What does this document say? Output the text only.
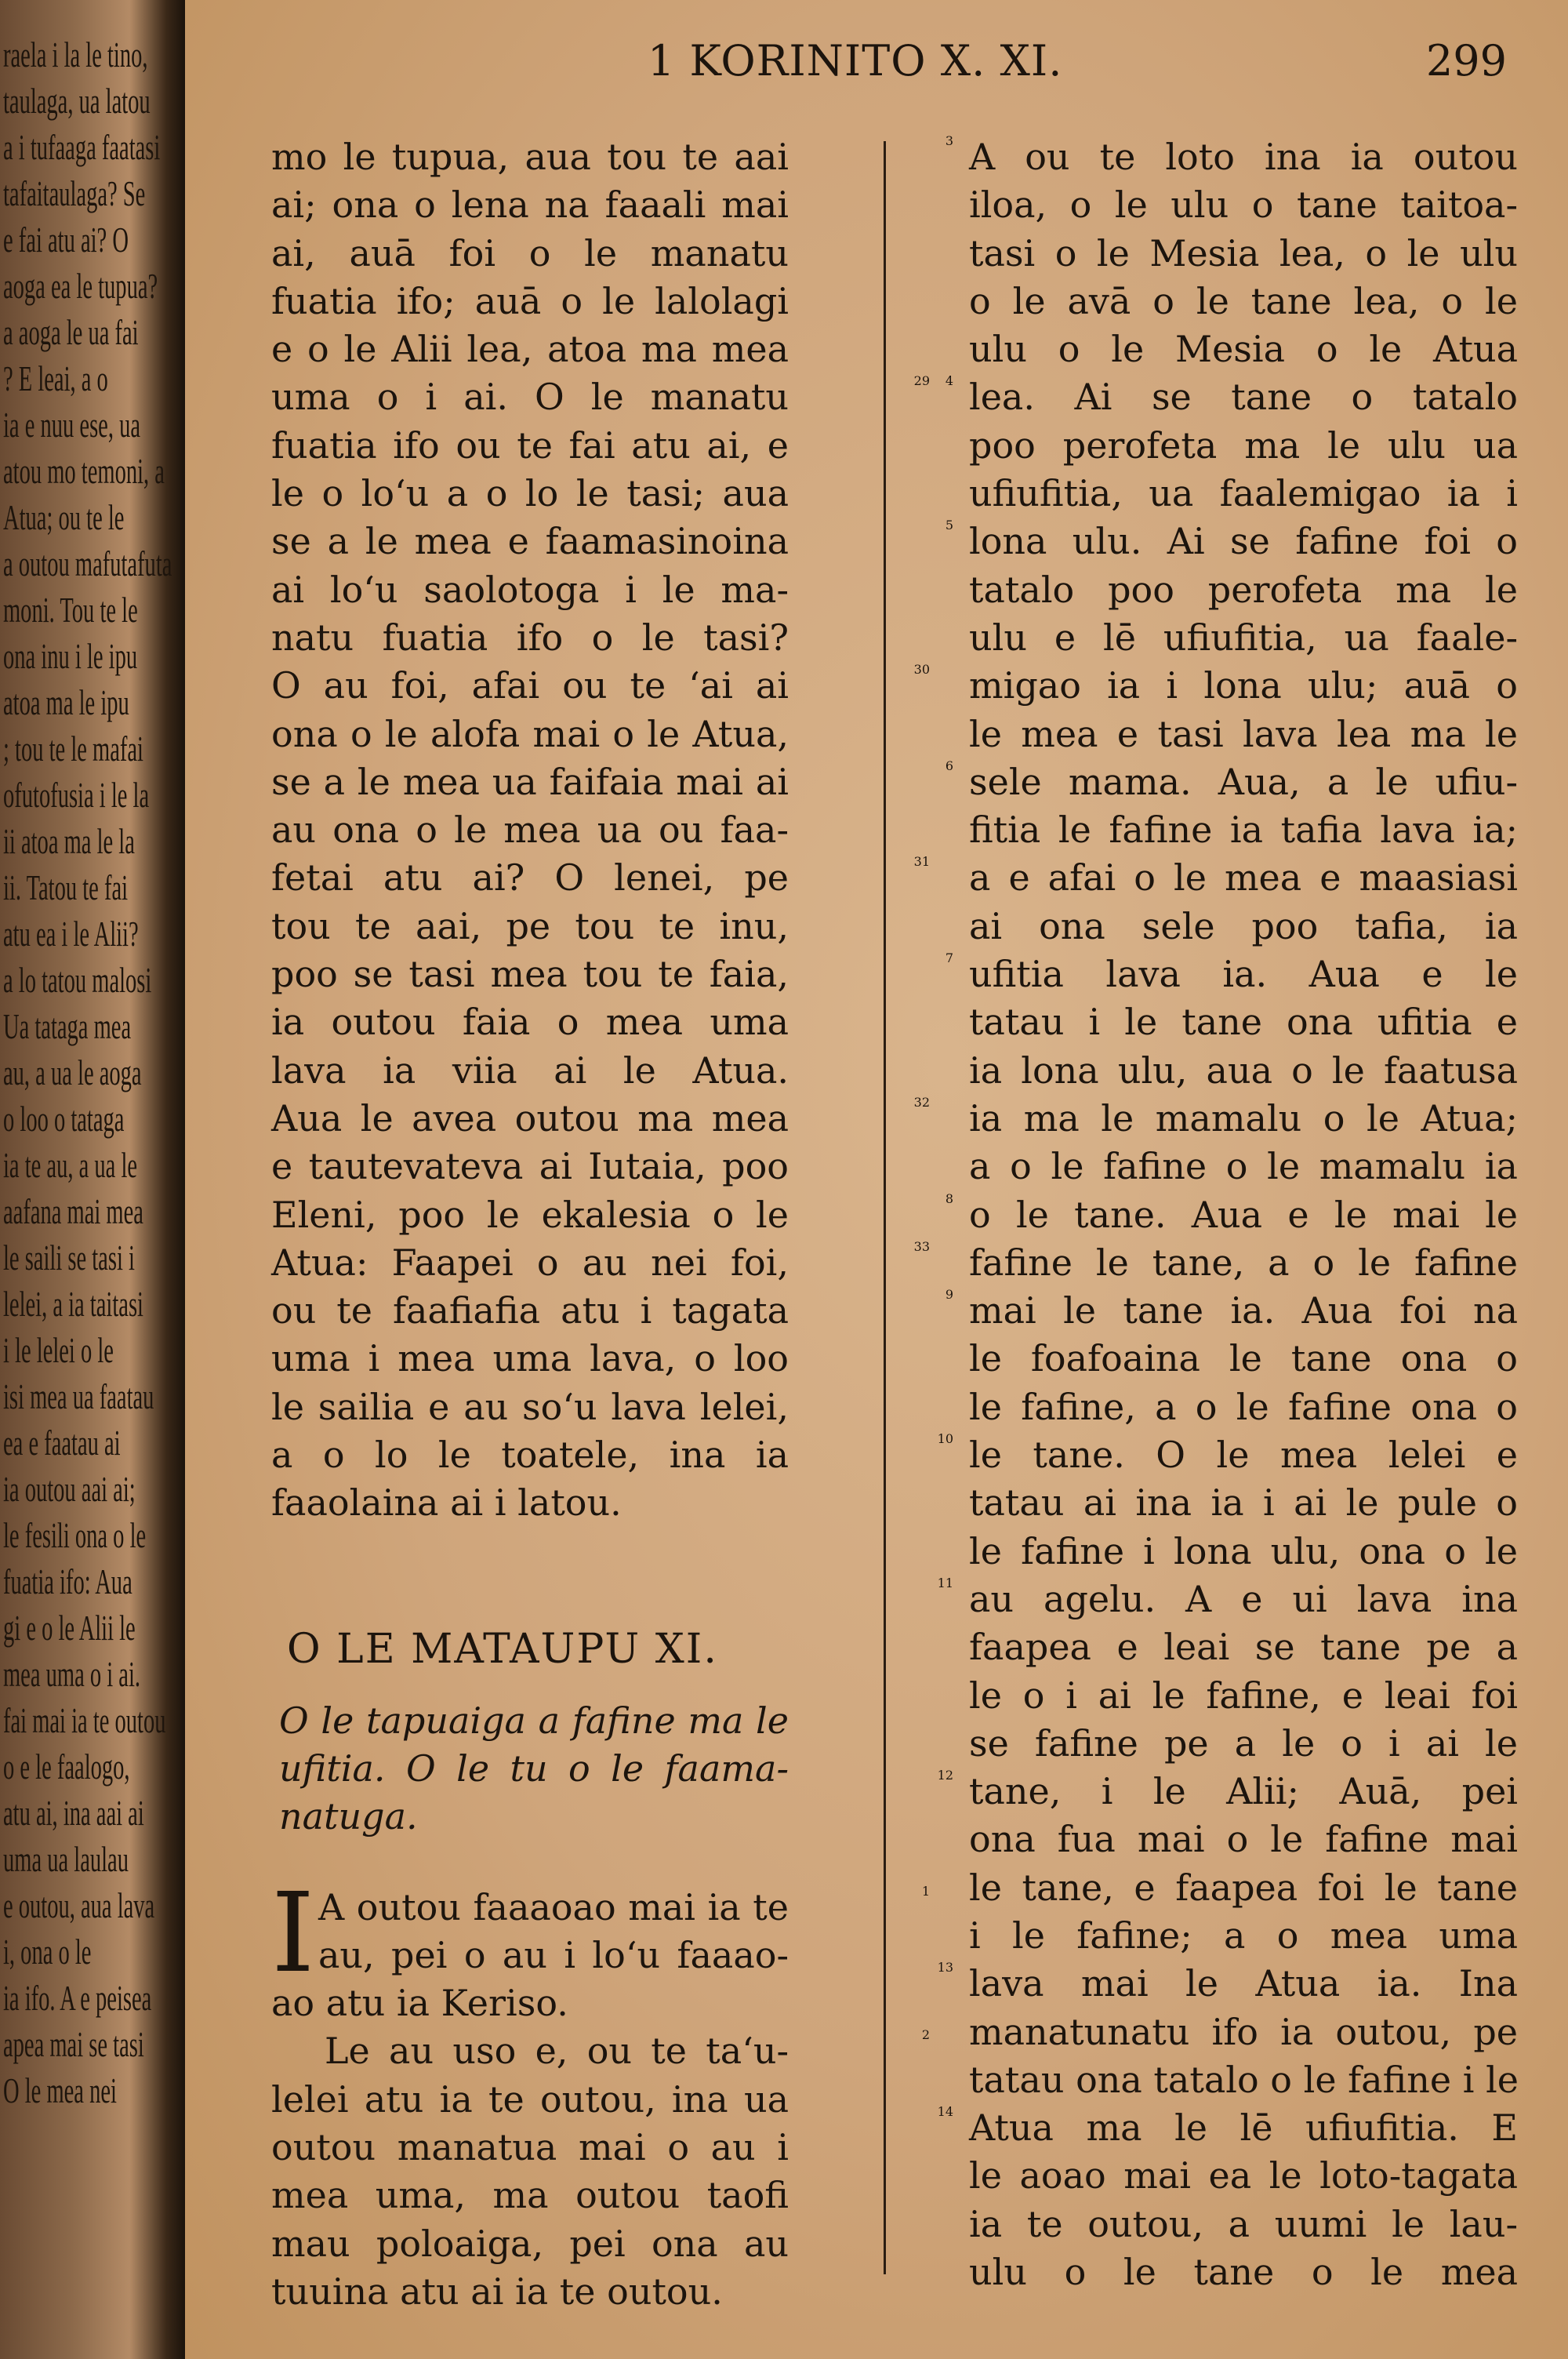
raela i la le tino,
taulaga, ua latou
a i tufaaga faatasi
tafaitaulaga? Se
e fai atu ai? O
aoga ea le tupua?
a aoga le ua fai
? E leai, a o
ia e nuu ese, ua
atou mo temoni, a
Atua; ou te le
a outou mafutafuta
moni. Tou te le
ona inu i le ipu
atoa ma le ipu
; tou te le mafai
ofutofusia i le la
ii atoa ma le la
ii. Tatou te fai
atu ea i le Alii?
a lo tatou malosi
Ua tataga mea
au, a ua le aoga
o loo o tataga
ia te au, a ua le
aafana mai mea
le saili se tasi i
lelei, a ia taitasi
i le lelei o le
isi mea ua faatau
ea e faatau ai
ia outou aai ai;
le fesili ona o le
fuatia ifo: Aua
gi e o le Alii le
mea uma o i ai.
fai mai ia te outou
o e le faalogo,
atu ai, ina aai ai
uma ua laulau
e outou, aua lava
i, ona o le
ia ifo. A e peisea
apea mai se tasi
O le mea nei
1 KORINITO X. XI.	299
mo le tupua, aua tou te aai
ai; ona o lena na faaali mai
ai, auā foi o le manatu
fuatia ifo; auā o le lalolagi
e o le Alii lea, atoa ma mea
29
uma o i ai. O le manatu
fuatia ifo ou te fai atu ai, e
le o lo‘u a o lo le tasi; aua
se a le mea e faamasinoina
ai lo‘u saolotoga i le ma-
natu fuatia ifo o le tasi?
30
O au foi, afai ou te ‘ai ai
ona o le alofa mai o le Atua,
se a le mea ua faifaia mai ai
au ona o le mea ua ou faa-
31
fetai atu ai? O lenei, pe
tou te aai, pe tou te inu,
poo se tasi mea tou te faia,
ia outou faia o mea uma
lava ia viia ai le Atua.
32
Aua le avea outou ma mea
e tautevateva ai Iutaia, poo
Eleni, poo le ekalesia o le
33
Atua: Faapei o au nei foi,
ou te faafiafia atu i tagata
uma i mea uma lava, o loo
le sailia e au so‘u lava lelei,
a o lo le toatele, ina ia
faaolaina ai i latou.
O LE MATAUPU XI.
O le tapuaiga a fafine ma le
ufitia. O le tu o le faama-
natuga.
I	1
A outou faaaoao mai ia te
au, pei o au i lo‘u faaao-
ao atu ia Keriso.
2
Le au uso e, ou te ta‘u-
lelei atu ia te outou, ina ua
outou manatua mai o au i
mea uma, ma outou taofi
mau poloaiga, pei ona au
tuuina atu ai ia te outou.
3 A ou te loto ina ia outou
iloa, o le ulu o tane taitoa-
tasi o le Mesia lea, o le ulu
o le avā o le tane lea, o le
ulu o le Mesia o le Atua
4 lea. Ai se tane o tatalo
poo perofeta ma le ulu ua
ufiufitia, ua faalemigao ia i
5 lona ulu. Ai se fafine foi o
tatalo poo perofeta ma le
ulu e lē ufiufitia, ua faale-
migao ia i lona ulu; auā o
le mea e tasi lava lea ma le
6 sele mama. Aua, a le ufiu-
fitia le fafine ia tafia lava ia;
a e afai o le mea e maasiasi
ai ona sele poo tafia, ia
7 ufitia lava ia. Aua e le
tatau i le tane ona ufitia e
ia lona ulu, aua o le faatusa
ia ma le mamalu o le Atua;
a o le fafine o le mamalu ia
8 o le tane. Aua e le mai le
fafine le tane, a o le fafine
9 mai le tane ia. Aua foi na
le foafoaina le tane ona o
le fafine, a o le fafine ona o
10 le tane. O le mea lelei e
tatau ai ina ia i ai le pule o
le fafine i lona ulu, ona o le
11 au agelu. A e ui lava ina
faapea e leai se tane pe a
le o i ai le fafine, e leai foi
se fafine pe a le o i ai le
12 tane, i le Alii; Auā, pei
ona fua mai o le fafine mai
le tane, e faapea foi le tane
i le fafine; a o mea uma
13 lava mai le Atua ia. Ina
manatunatu ifo ia outou, pe
tatau ona tatalo o le fafine i le
14 Atua ma le lē ufiufitia. E
le aoao mai ea le loto-tagata
ia te outou, a uumi le lau-
ulu o le tane o le mea
